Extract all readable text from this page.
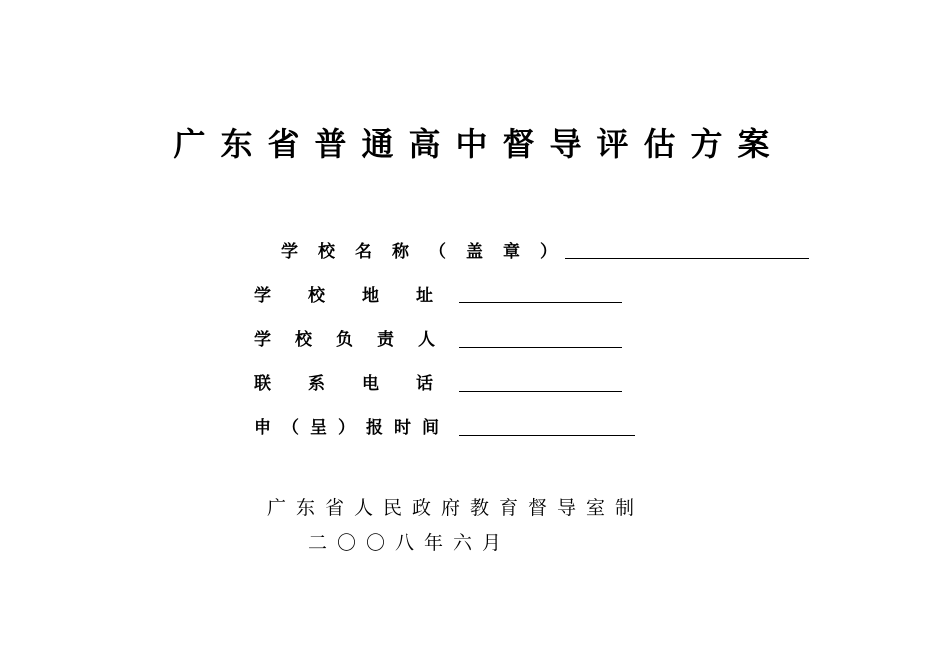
广东省普通高中督导评估方案
学校名称（盖章）
学校地址
学校负责人
联系电话
申（呈）报时间
广东省人民政府教育督导室制
二〇〇八年六月
